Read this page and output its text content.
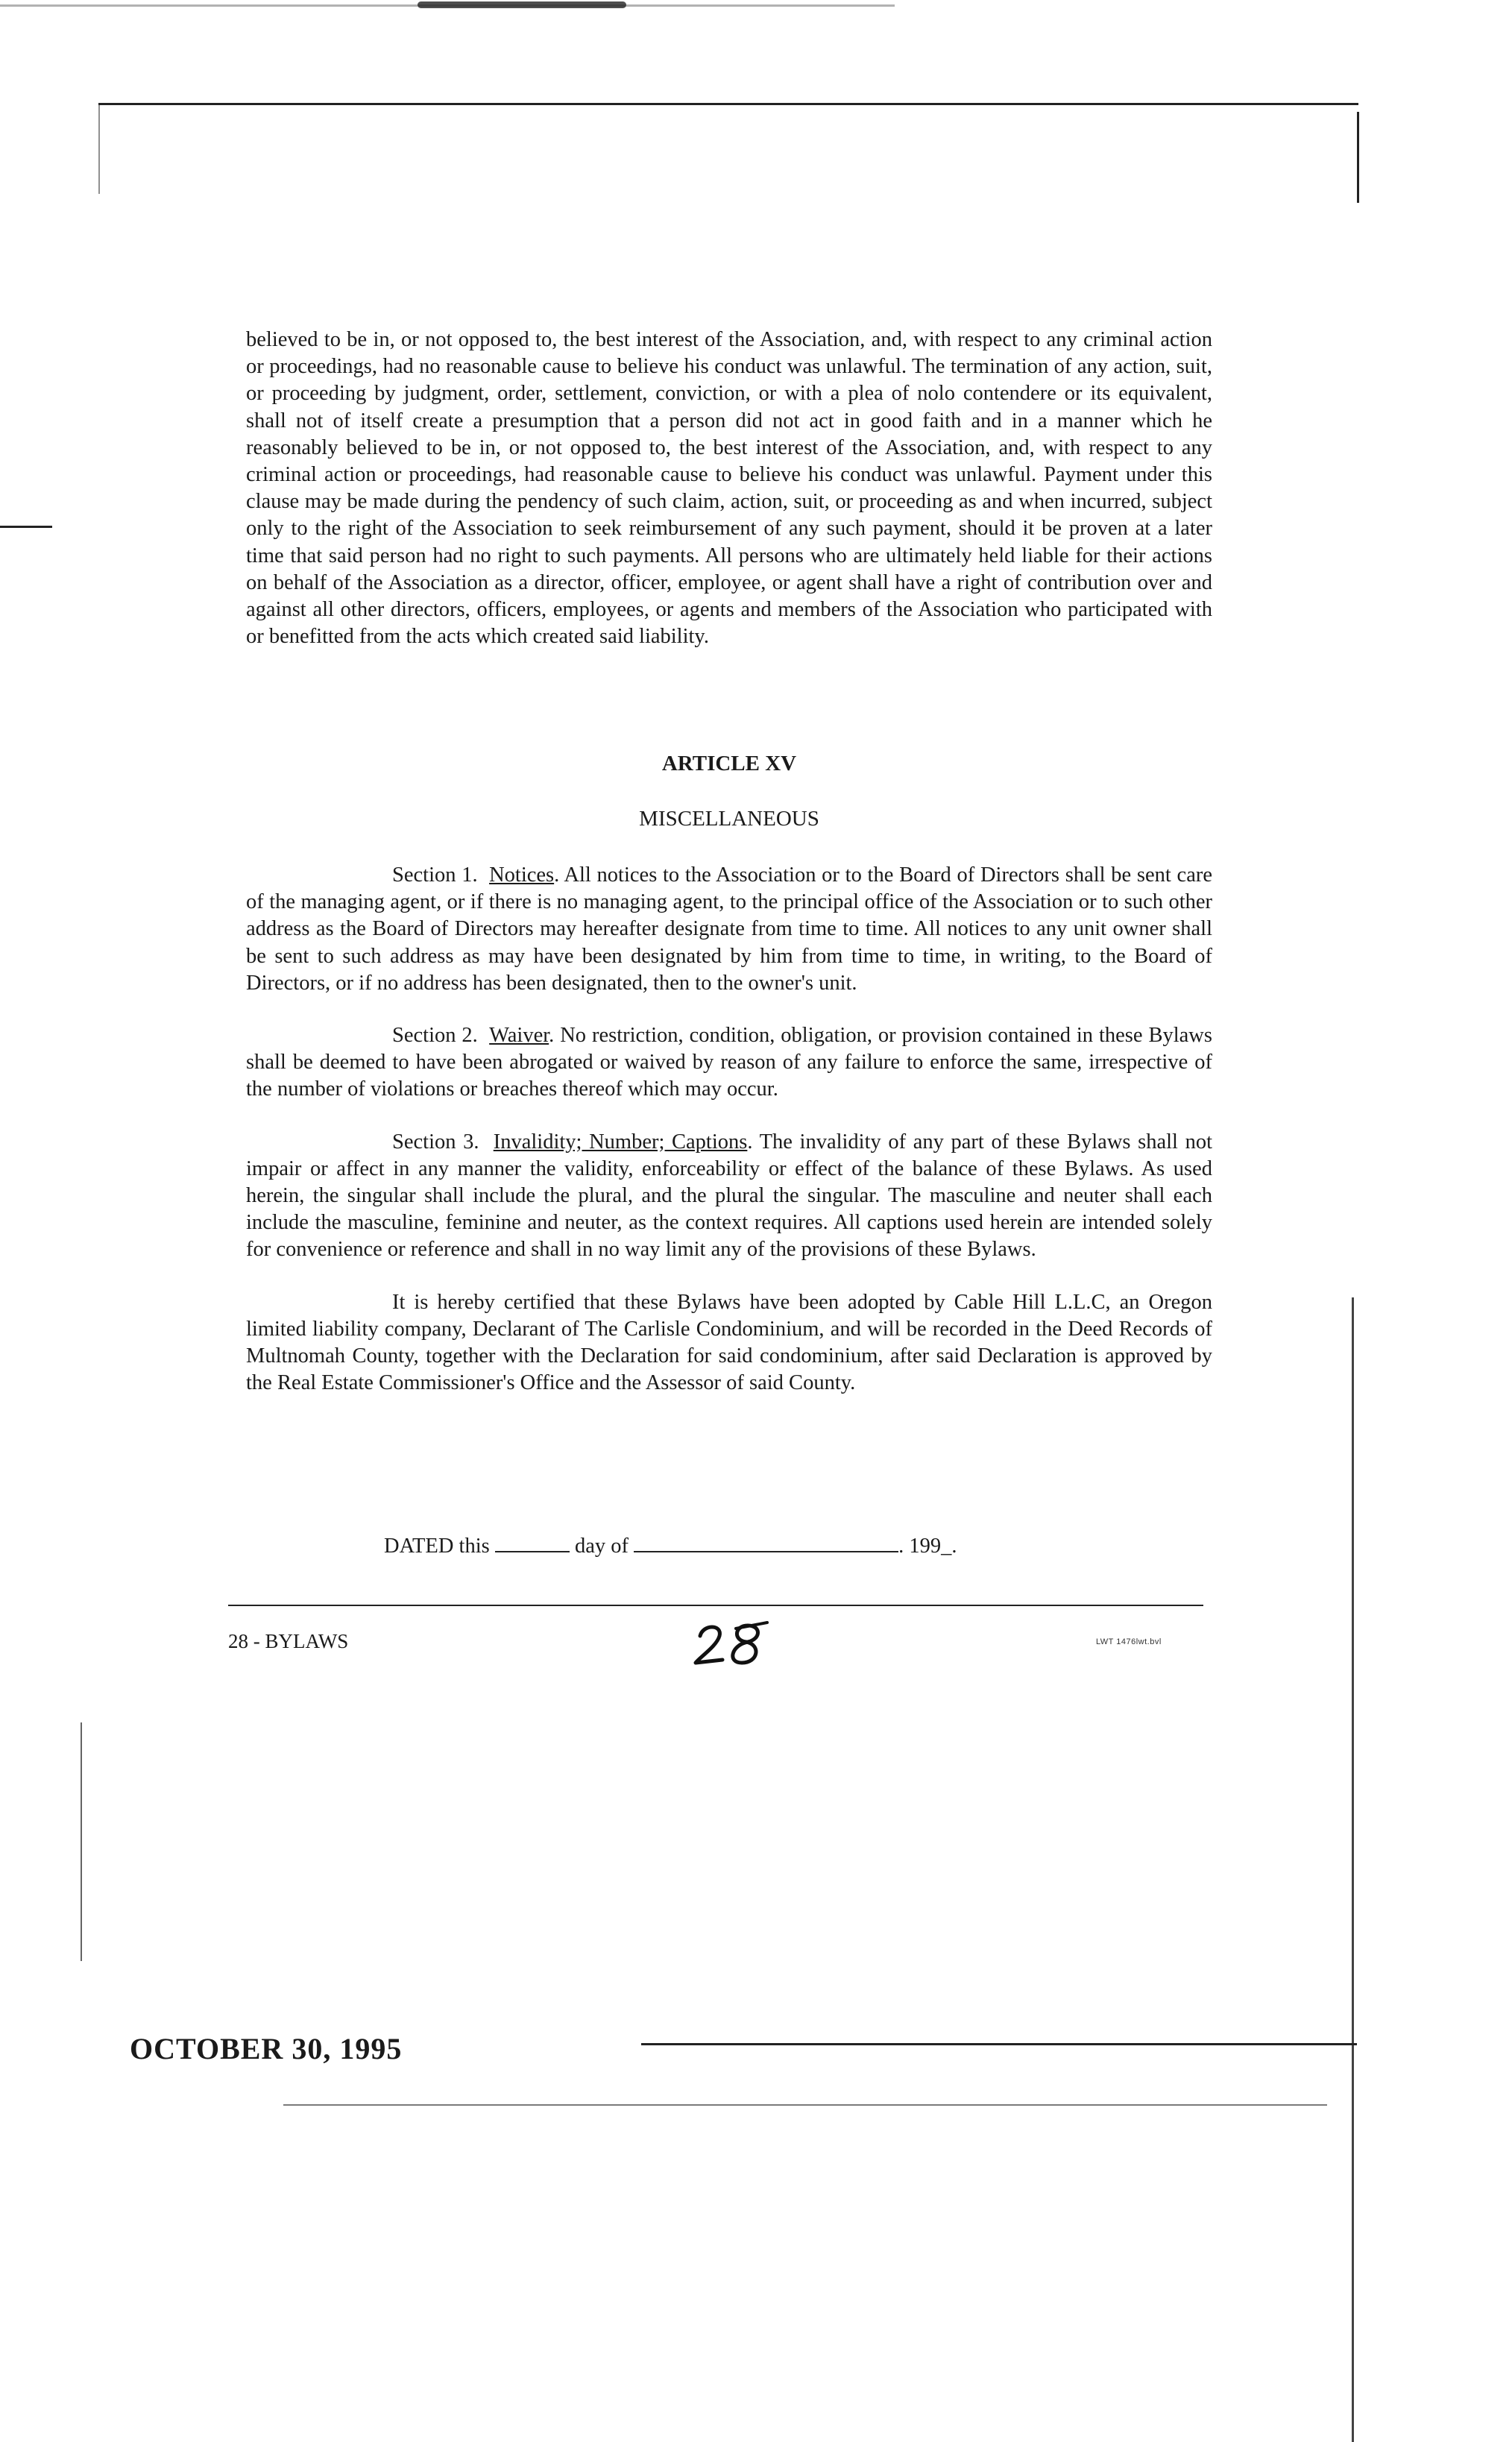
believed to be in, or not opposed to, the best interest of the Association, and, with respect to any criminal action or proceedings, had no reasonable cause to believe his conduct was unlawful. The termination of any action, suit, or proceeding by judgment, order, settlement, conviction, or with a plea of nolo contendere or its equivalent, shall not of itself create a presumption that a person did not act in good faith and in a manner which he reasonably believed to be in, or not opposed to, the best interest of the Association, and, with respect to any criminal action or proceedings, had reasonable cause to believe his conduct was unlawful. Payment under this clause may be made during the pendency of such claim, action, suit, or proceeding as and when incurred, subject only to the right of the Association to seek reimbursement of any such payment, should it be proven at a later time that said person had no right to such payments. All persons who are ultimately held liable for their actions on behalf of the Association as a director, officer, employee, or agent shall have a right of contribution over and against all other directors, officers, employees, or agents and members of the Association who participated with or benefitted from the acts which created said liability.

ARTICLE XV
MISCELLANEOUS

Section 1. Notices. All notices to the Association or to the Board of Directors shall be sent care of the managing agent, or if there is no managing agent, to the principal office of the Association or to such other address as the Board of Directors may hereafter designate from time to time. All notices to any unit owner shall be sent to such address as may have been designated by him from time to time, in writing, to the Board of Directors, or if no address has been designated, then to the owner's unit.

Section 2. Waiver. No restriction, condition, obligation, or provision contained in these Bylaws shall be deemed to have been abrogated or waived by reason of any failure to enforce the same, irrespective of the number of violations or breaches thereof which may occur.

Section 3. Invalidity; Number; Captions. The invalidity of any part of these Bylaws shall not impair or affect in any manner the validity, enforceability or effect of the balance of these Bylaws. As used herein, the singular shall include the plural, and the plural the singular. The masculine and neuter shall each include the masculine, feminine and neuter, as the context requires. All captions used herein are intended solely for convenience or reference and shall in no way limit any of the provisions of these Bylaws.

It is hereby certified that these Bylaws have been adopted by Cable Hill L.L.C, an Oregon limited liability company, Declarant of The Carlisle Condominium, and will be recorded in the Deed Records of Multnomah County, together with the Declaration for said condominium, after said Declaration is approved by the Real Estate Commissioner's Office and the Assessor of said County.

DATED this	day of	. 199_.
28 - BYLAWS	LWT 1476lwt.bvl
OCTOBER 30, 1995
